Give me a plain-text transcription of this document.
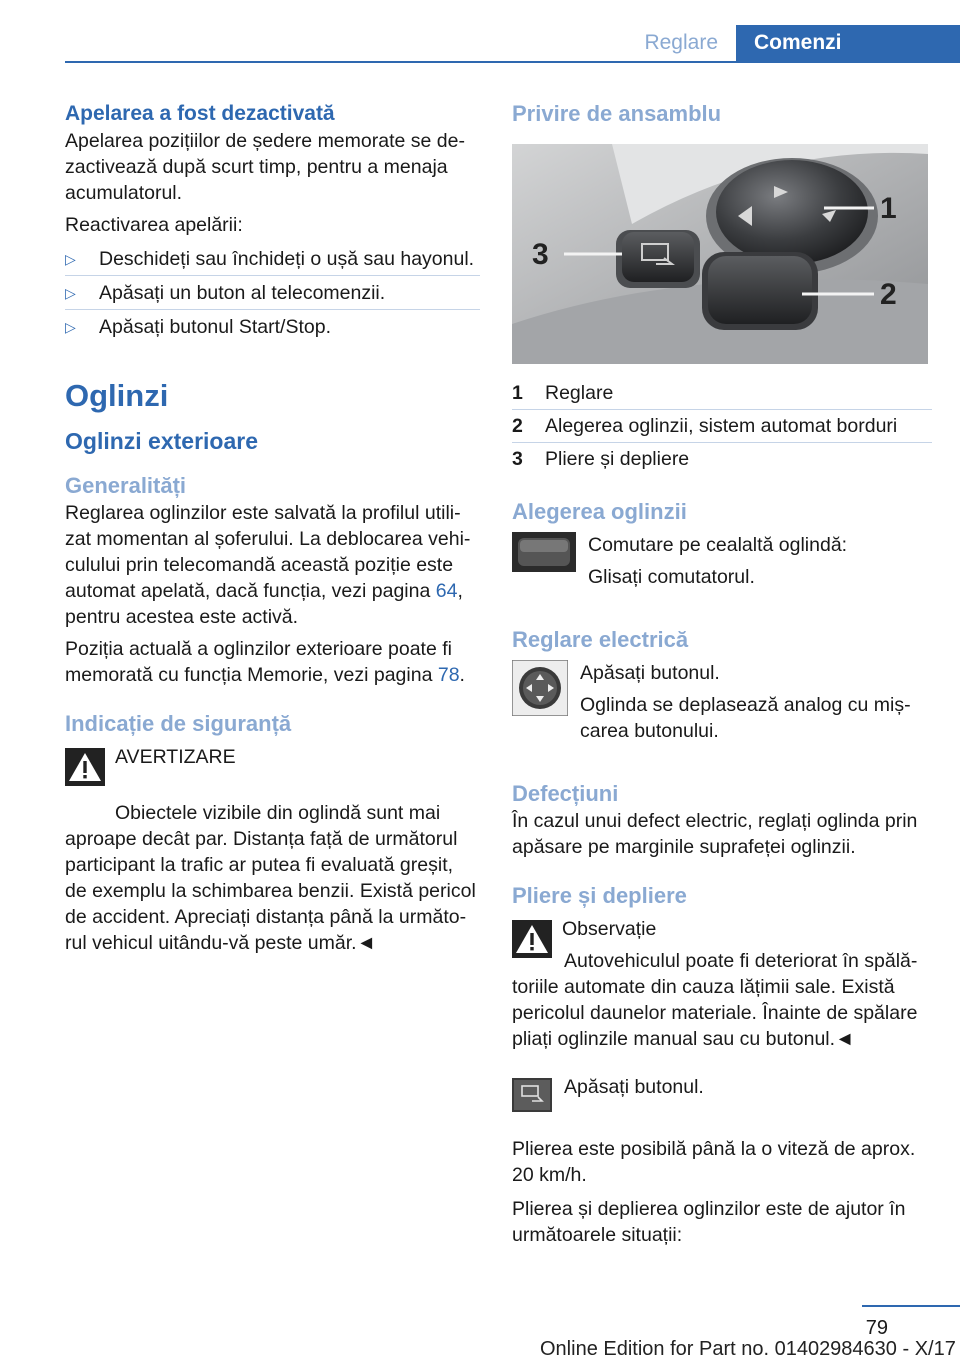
Reglare	Comenzi
Apelarea a fost dezactivată
Apelarea pozițiilor de ședere memorate se de‐zactivează după scurt timp, pentru a menaja acumulatorul.
Reactivarea apelării:
▷ Deschideți sau închideți o ușă sau hayonul.
▷ Apăsați un buton al telecomenzii.
▷ Apăsați butonul Start/Stop.
Oglinzi
Oglinzi exterioare
Generalități
Reglarea oglinzilor este salvată la profilul utili‐zat momentan al șoferului. La deblocarea vehi‐culului prin telecomandă această poziție este automat apelată, dacă funcția, vezi pagina 64, pentru acestea este activă.
Poziția actuală a oglinzilor exterioare poate fi memorată cu funcția Memorie, vezi pagina 78.
Indicație de siguranță
AVERTIZARE
Obiectele vizibile din oglindă sunt mai aproape decât par. Distanța față de următorul participant la trafic ar putea fi evaluată greșit, de exemplu la schimbarea benzii. Există pericol de accident. Apreciați distanța până la următo‐rul vehicul uitându‐vă peste umăr.◄
Privire de ansamblu
1
2
3
1	Reglare
2	Alegerea oglinzii, sistem automat borduri
3	Pliere și depliere
Alegerea oglinzii
Comutare pe cealaltă oglindă:
Glisați comutatorul.
Reglare electrică
Apăsați butonul.
Oglinda se deplasează analog cu miș‐carea butonului.
Defecțiuni
În cazul unui defect electric, reglați oglinda prin apăsare pe marginile suprafeței oglinzii.
Pliere și depliere
Observație
Autovehiculul poate fi deteriorat în spălă‐toriile automate din cauza lățimii sale. Există pericolul daunelor materiale. Înainte de spălare pliați oglinzile manual sau cu butonul.◄
Apăsați butonul.
Plierea este posibilă până la o viteză de aprox. 20 km/h.
Plierea și deplierea oglinzilor este de ajutor în următoarele situații:
79
Online Edition for Part no. 01402984630 - X/17
